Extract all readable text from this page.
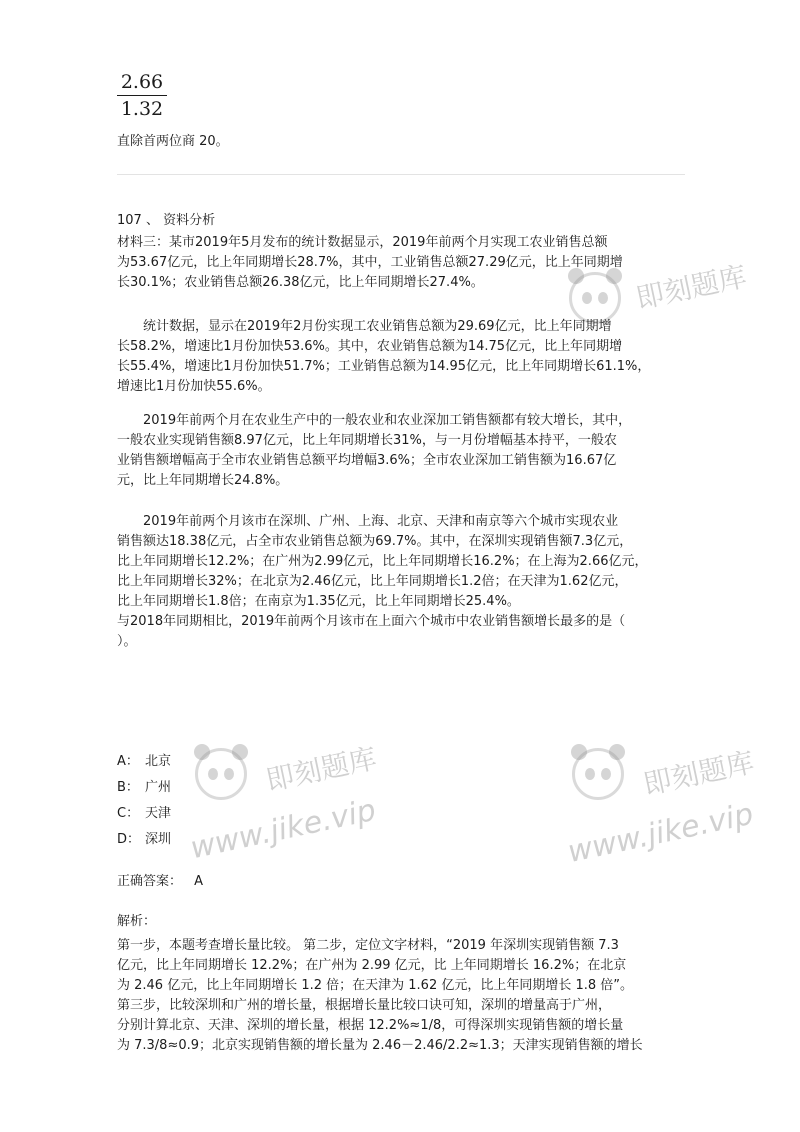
即刻题库
即刻题库
www.jike.vip
即刻题库
www.jike.vip
2.66
1.32
直除首两位商 20。
107 、 资料分析
材料三：某市2019年5月发布的统计数据显示，2019年前两个月实现工农业销售总额
为53.67亿元，比上年同期增长28.7%，其中，工业销售总额27.29亿元，比上年同期增
长30.1%；农业销售总额26.38亿元，比上年同期增长27.4%。
　　统计数据，显示在2019年2月份实现工农业销售总额为29.69亿元，比上年同期增
长58.2%，增速比1月份加快53.6%。其中，农业销售总额为14.75亿元，比上年同期增
长55.4%，增速比1月份加快51.7%；工业销售总额为14.95亿元，比上年同期增长61.1%，
增速比1月份加快55.6%。
　　2019年前两个月在农业生产中的一般农业和农业深加工销售额都有较大增长，其中，
一般农业实现销售额8.97亿元，比上年同期增长31%，与一月份增幅基本持平，一般农
业销售额增幅高于全市农业销售总额平均增幅3.6%；全市农业深加工销售额为16.67亿
元，比上年同期增长24.8%。
　　2019年前两个月该市在深圳、广州、上海、北京、天津和南京等六个城市实现农业
销售额达18.38亿元，占全市农业销售总额为69.7%。其中，在深圳实现销售额7.3亿元，
比上年同期增长12.2%；在广州为2.99亿元，比上年同期增长16.2%；在上海为2.66亿元，
比上年同期增长32%；在北京为2.46亿元，比上年同期增长1.2倍；在天津为1.62亿元，
比上年同期增长1.8倍；在南京为1.35亿元，比上年同期增长25.4%。
与2018年同期相比，2019年前两个月该市在上面六个城市中农业销售额增长最多的是（
）。
A： 北京
B： 广州
C： 天津
D： 深圳
正确答案： A
解析：
第一步，本题考查增长量比较。 第二步，定位文字材料，“2019 年深圳实现销售额 7.3
亿元，比上年同期增长 12.2%；在广州为 2.99 亿元，比 上年同期增长 16.2%；在北京
为 2.46 亿元，比上年同期增长 1.2 倍；在天津为 1.62 亿元，比上年同期增长 1.8 倍”。
第三步，比较深圳和广州的增长量，根据增长量比较口诀可知，深圳的增量高于广州，
分别计算北京、天津、深圳的增长量，根据 12.2%≈1/8，可得深圳实现销售额的增长量
为 7.3/8≈0.9；北京实现销售额的增长量为 2.46－2.46/2.2≈1.3；天津实现销售额的增长
